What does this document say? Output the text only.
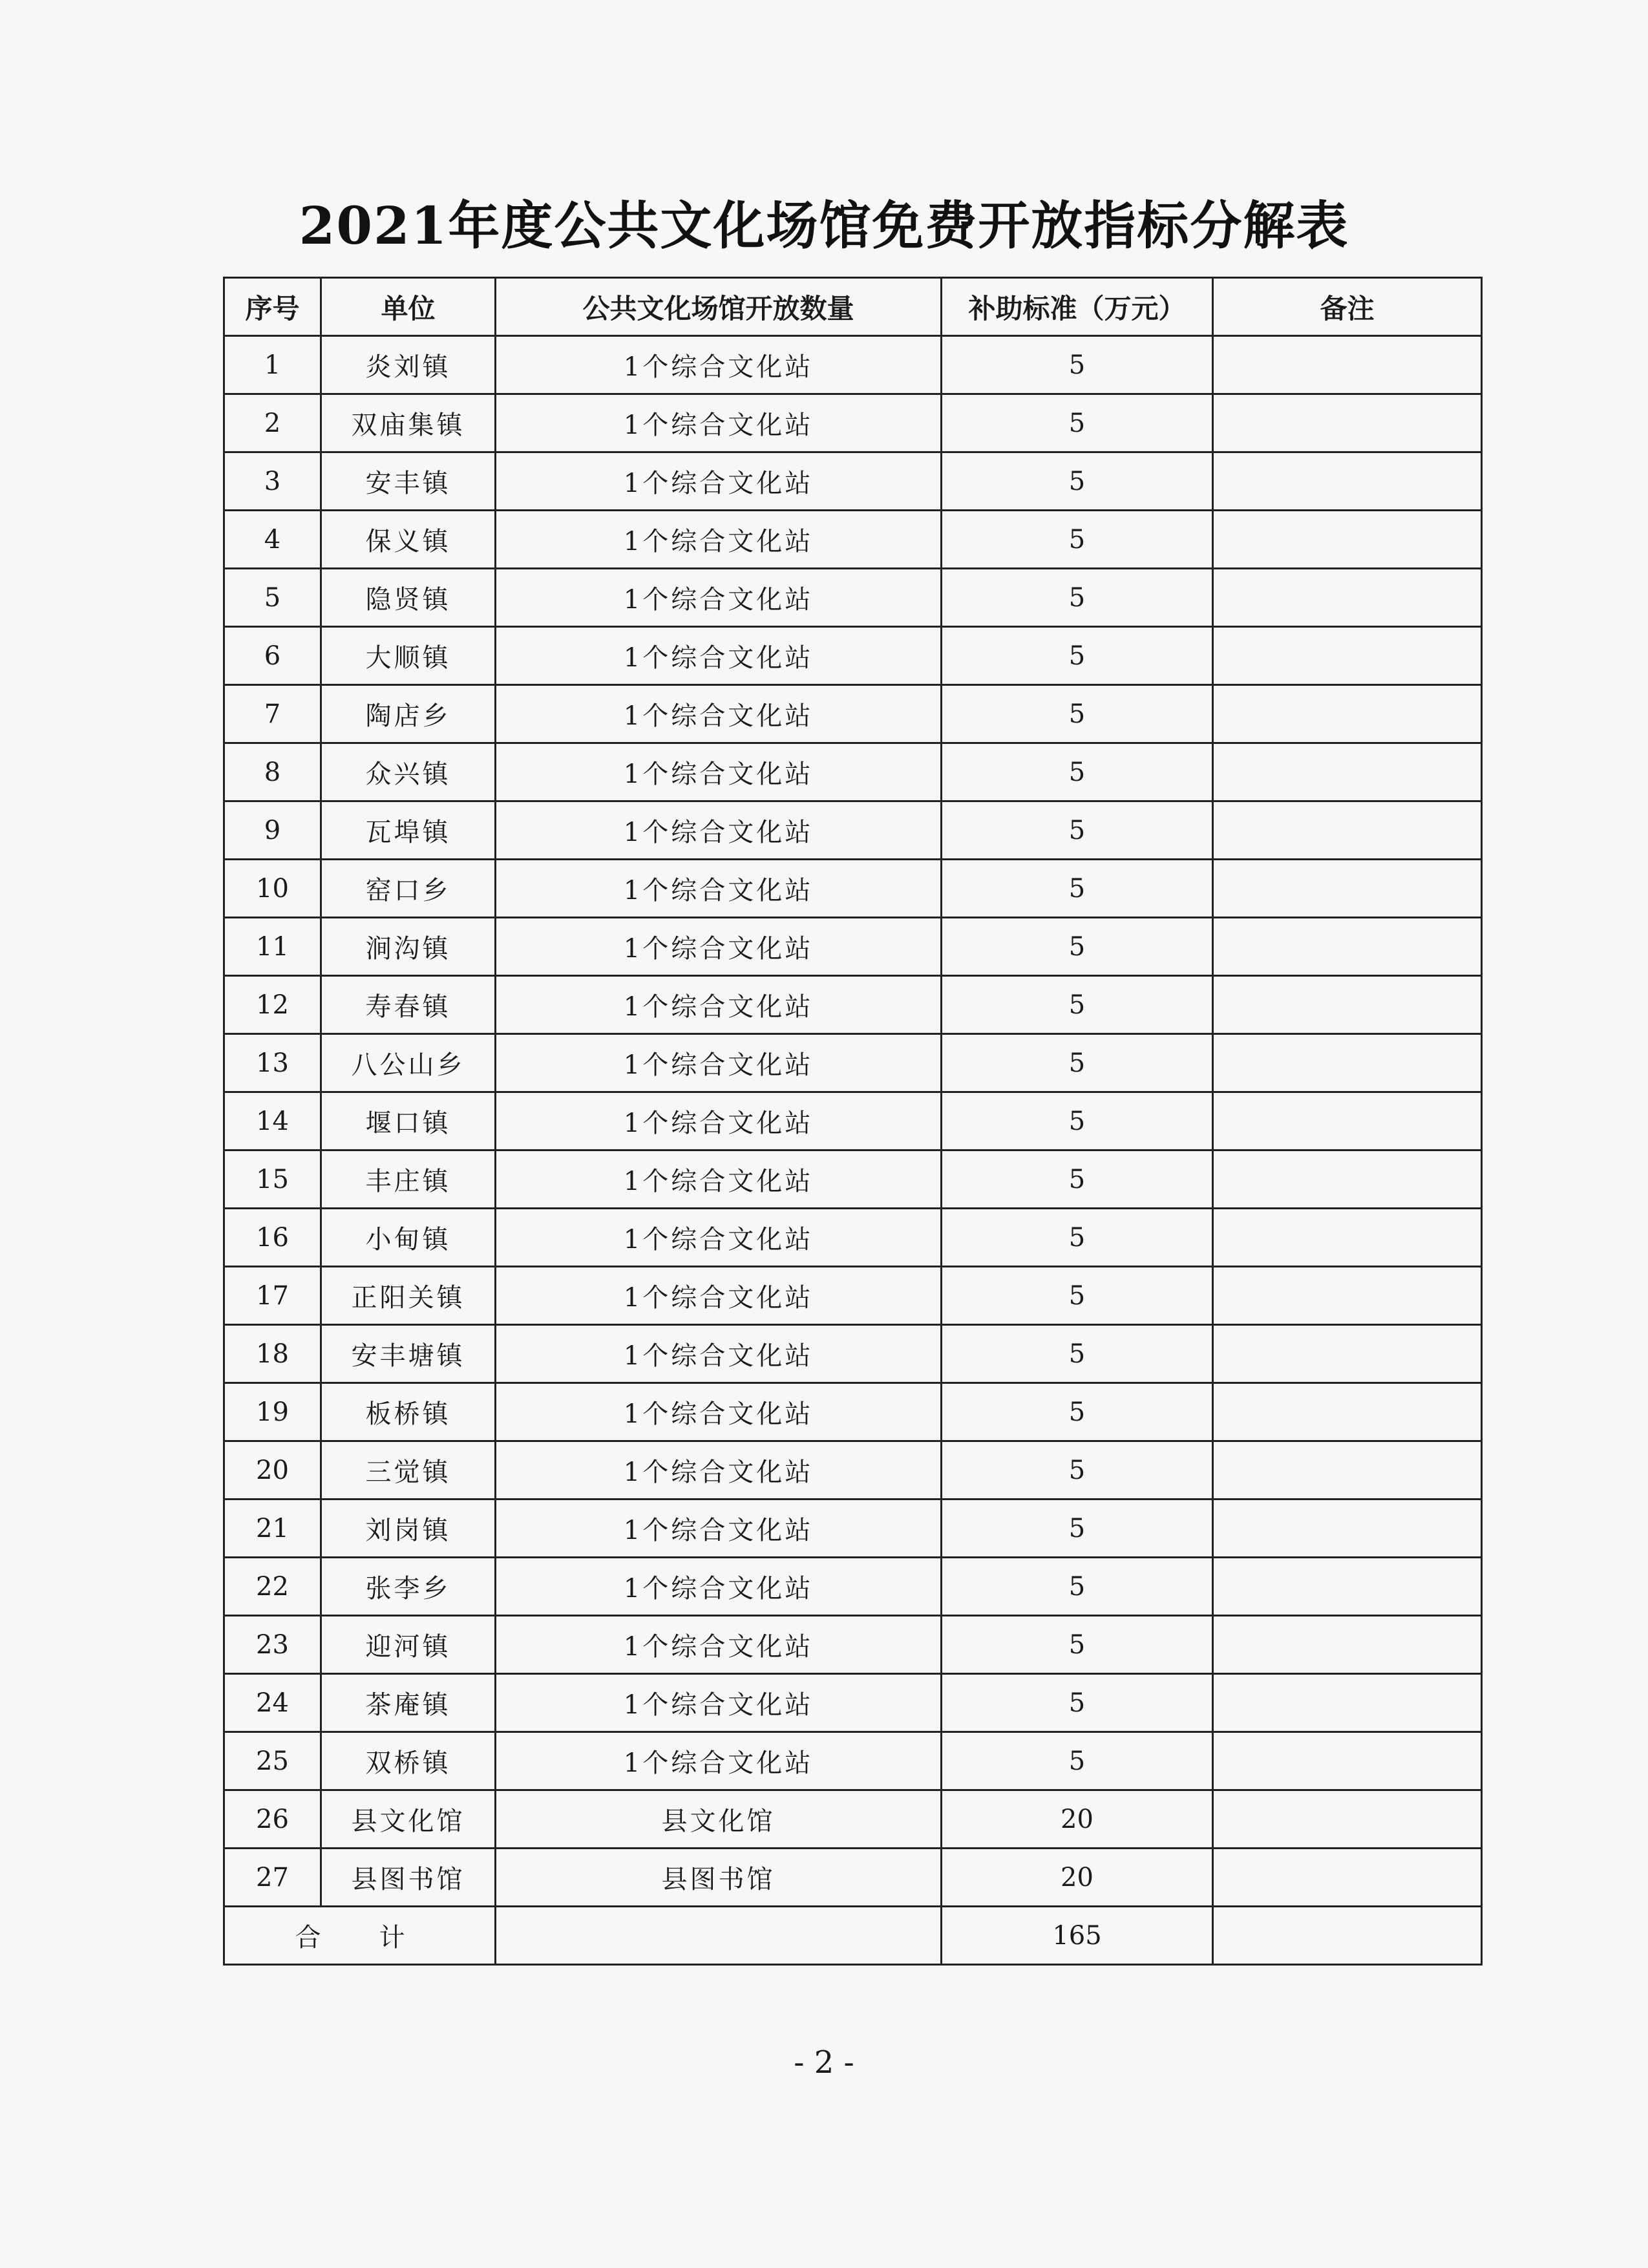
2021年度公共文化场馆免费开放指标分解表
序号	单位	公共文化场馆开放数量	补助标准（万元）	备注
1	炎刘镇	1个综合文化站	5	
2	双庙集镇	1个综合文化站	5	
3	安丰镇	1个综合文化站	5	
4	保义镇	1个综合文化站	5	
5	隐贤镇	1个综合文化站	5	
6	大顺镇	1个综合文化站	5	
7	陶店乡	1个综合文化站	5	
8	众兴镇	1个综合文化站	5	
9	瓦埠镇	1个综合文化站	5	
10	窑口乡	1个综合文化站	5	
11	涧沟镇	1个综合文化站	5	
12	寿春镇	1个综合文化站	5	
13	八公山乡	1个综合文化站	5	
14	堰口镇	1个综合文化站	5	
15	丰庄镇	1个综合文化站	5	
16	小甸镇	1个综合文化站	5	
17	正阳关镇	1个综合文化站	5	
18	安丰塘镇	1个综合文化站	5	
19	板桥镇	1个综合文化站	5	
20	三觉镇	1个综合文化站	5	
21	刘岗镇	1个综合文化站	5	
22	张李乡	1个综合文化站	5	
23	迎河镇	1个综合文化站	5	
24	茶庵镇	1个综合文化站	5	
25	双桥镇	1个综合文化站	5	
26	县文化馆	县文化馆	20	
27	县图书馆	县图书馆	20	
合计			165	
- 2 -
